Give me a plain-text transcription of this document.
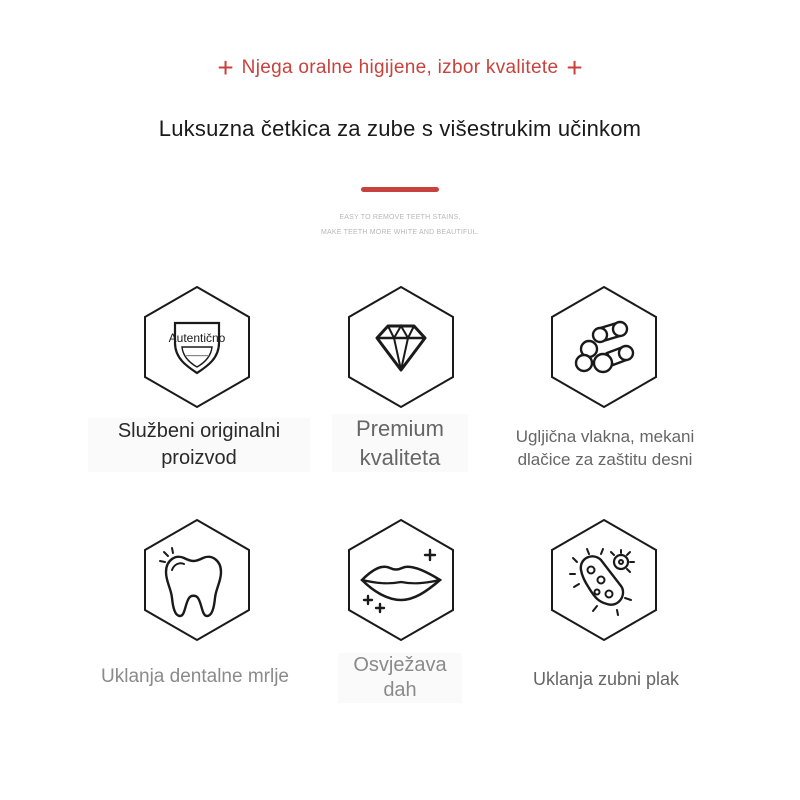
+ Njega oralne higijene, izbor kvalitete +
Luksuzna četkica za zube s višestrukim učinkom
EASY TO REMOVE TEETH STAINS,
MAKE TEETH MORE WHITE AND BEAUTIFUL.
Autentično
Službeni originalni
proizvod
Premium
kvaliteta
Ugljična vlakna, mekani
dlačice za zaštitu desni
Uklanja dentalne mrlje
Osvježava
dah	Uklanja zubni plak
